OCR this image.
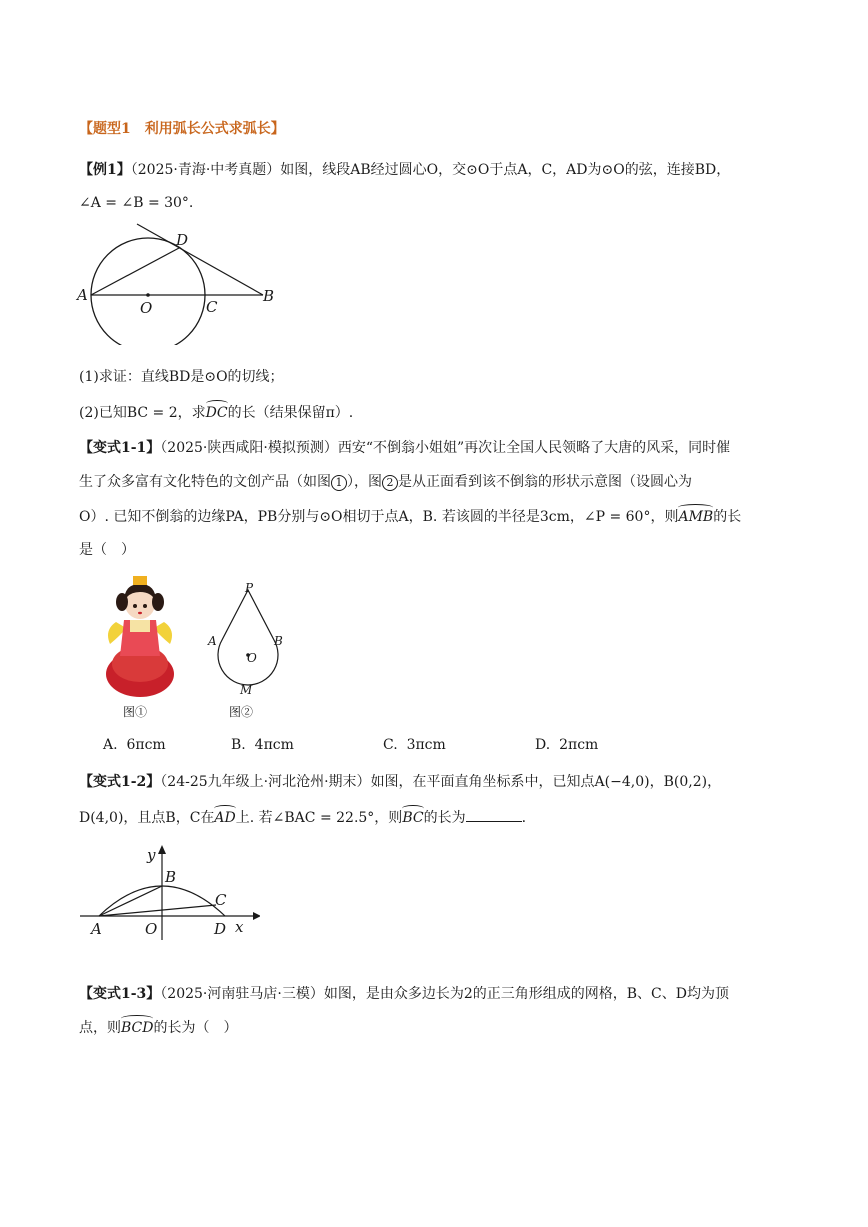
【题型1　利用弧长公式求弧长】
【例1】（2025·青海·中考真题）如图，线段AB经过圆心O，交⊙O于点A，C，AD为⊙O的弦，连接BD，
∠A = ∠B = 30°.
A	B
C
D
O
(1)求证：直线BD是⊙O的切线；
(2)已知BC = 2，求DC的长（结果保留π）.
【变式1-1】（2025·陕西咸阳·模拟预测）西安“不倒翁小姐姐”再次让全国人民领略了大唐的风采，同时催
生了众多富有文化特色的文创产品（如图 1 ），图 2 是从正面看到该不倒翁的形状示意图（设圆心为
O）. 已知不倒翁的边缘PA，PB分别与⊙O相切于点A，B. 若该圆的半径是3cm，∠P = 60°，则AMB的长
是（　）
图①
P
A	B
O
M
图②
A. 6πcm	B. 4πcm	C. 3πcm	D. 2πcm
【变式1-2】（24-25九年级上·河北沧州·期末）如图，在平面直角坐标系中，已知点A(−4,0)，B(0,2)，
D(4,0)，且点B，C在AD上. 若∠BAC = 22.5°，则BC的长为	.
y
x
A
B
C
D
O
【变式1-3】（2025·河南驻马店·三模）如图，是由众多边长为2的正三角形组成的网格，B、C、D均为顶
点，则BCD的长为（　）
